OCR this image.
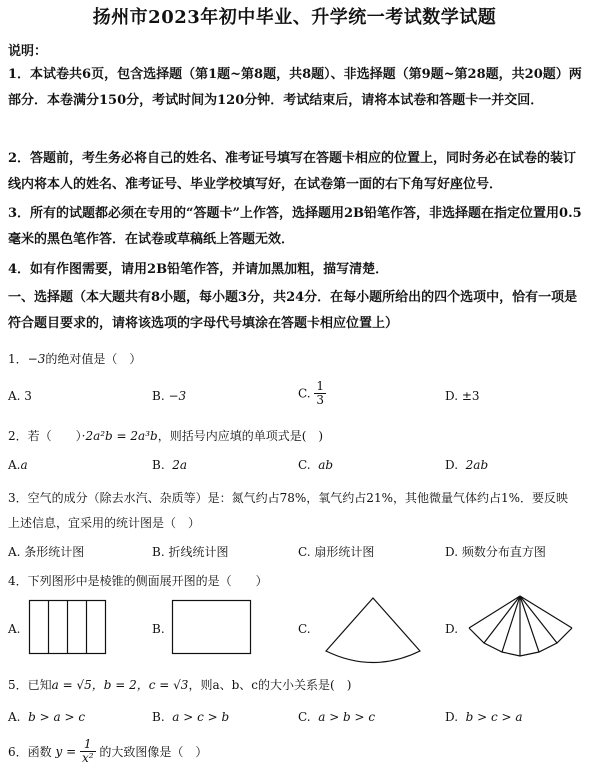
扬州市2023年初中毕业、升学统一考试数学试题
说明：
1．本试卷共6页，包含选择题（第1题~第8题，共8题）、非选择题（第9题~第28题，共20题）两部分．本卷满分150分，考试时间为120分钟．考试结束后，请将本试卷和答题卡一并交回．
2．答题前，考生务必将自己的姓名、准考证号填写在答题卡相应的位置上，同时务必在试卷的装订线内将本人的姓名、准考证号、毕业学校填写好，在试卷第一面的右下角写好座位号．
3．所有的试题都必须在专用的“答题卡”上作答，选择题用2B铅笔作答，非选择题在指定位置用0.5毫米的黑色笔作答．在试卷或草稿纸上答题无效．
4．如有作图需要，请用2B铅笔作答，并请加黑加粗，描写清楚．
一、选择题（本大题共有8小题，每小题3分，共24分．在每小题所给出的四个选项中，恰有一项是符合题目要求的，请将该选项的字母代号填涂在答题卡相应位置上）
1．−3的绝对值是（　）
A. 3	B. −3	C. $\frac{1}{3}$	D. ±3
2．若（　　）·2a²b = 2a³b，则括号内应填的单项式是(　)
A.a	B. 2a	C. ab	D. 2ab
3．空气的成分（除去水汽、杂质等）是：氮气约占78%，氧气约占21%，其他微量气体约占1%．要反映
上述信息，宜采用的统计图是（　）
A. 条形统计图	B. 折线统计图	C. 扇形统计图	D. 频数分布直方图
4．下列图形中是棱锥的侧面展开图的是（　　）
A.	B.	C.	D.
5．已知a = √5，b = 2，c = √3，则a、b、c的大小关系是(　)
A. b > a > c	B. a > c > b	C. a > b > c	D. b > c > a
6．函数 $y = \frac{1}{\text{x²}}$ 的大致图像是（　）
